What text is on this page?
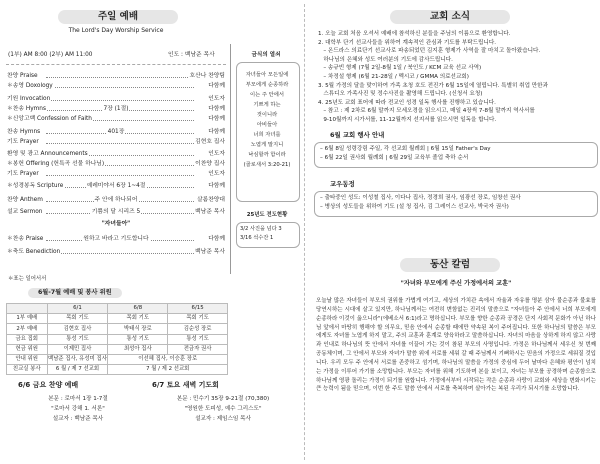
주일 예배
The Lord's Day Worship Service
(1부) AM 8:00 (2부) AM 11:00	인도 : 백남준 목사
찬양 Praise	호산나 찬양팀
＊송영 Doxology	다함께
기원 Invocation	인도자
＊찬송 Hymns	7장 (1절)	다함께
＊신앙고백 Confession of Faith	다함께
찬송 Hymns	401장	다함께
기도 Prayer	김현호 집사
환영 및 광고 Announcements	인도자
＊봉헌 Offering (헌특곡 선물 하나님)	이찬양 집사
기도 Prayer	인도자
＊성경봉독 Scripture	예레미야서 6장 1~4절	다함께
찬양 Anthem	주 안에 하나되어	살롬찬양대
설교 Sermon	기쁨의 달 시리즈 5	백남준 목사
"자녀들아"
＊찬송 Praise	원하고 바라고 기도합니다	다함께
＊축도 Benediction	백남준 목사
＊표는 일어서서
금식의 열쇠
자녀들아 모든일에
부모에게 순종하라
이는 주 안에서
기쁘게 하는
것이니라
아비들아
너희 자녀를
노엽게 말지니
낙심할까 함이라
(골로새서 3:20-21)
25년도 전도현황
3/2 사진을 넘다 3
3/16 석수잔 1
6월-7월 예배 및 봉사 위원
	6/1	6/8	6/15
1부 예배	목회 기도	목회 기도	목회 기도
2부 예배	김현호 집사	박태식 장로	김순성 장로
금요 집회	통성 기도	통성 기도	통성 기도
헌금 위원	이제민 집사	최성아 집사	전금자 권사
안내 위원	백남준 집사, 유성미 집사	이선혜 집사, 이승훈 장로	
친교실 봉사	6 월 / 제 7 선교회	7 월 / 제 2 선교회	
6/6 금요 찬양 예배
본문 : 로마서 1장 1-7절
"로마서 강해 1. 서론"
설교자 : 백남준 목사
6/7 토요 새벽 기도회
본문 : 민수기 35장 9-21절 (70,380)
"영원한 도피성, 예수 그리스도"
설교자 : 제임스임 목사
교회 소식
1. 오늘 교회 처음 오셔서 예배에 참석하신 분들을 주님의 이름으로 환영합니다.
2. 대학부 단기 선교사들을 위하여 계속적인 관심과 기도를 부탁드립니다.
– 온드라스 의료단기 선교사로 파송되었던 김지훈 형제가 사역을 잘 마치고 돌아왔습니다.
하나님의 은혜와 성도 여러분의 기도에 감사드립니다.
– 송규빈 형제 (7월 2일-8월 1일 / 북인도 / KCM 교육 선교 사역)
– 차정설 형제 (6월 21-28일 / 멕시코 / GMMA 의료선교회)
3. 5월 가정의 달을 맞이하여 가족 초청 호도 전진가 6월 15일에 열립니다. 특별히 취업 만한과
스튜디오 가족사진 및 정수사진을 촬영해 드립니다. (신청서 요청)
4. 25년도 교회 표어에 따라 전교인 성경 일독 행사를 진행하고 있습니다.
– 참고 : 제 2차로 6월 말까지 모세오경을 읽으시고, 매일 4장씩 7-8월 말까지 역사서를
9-10월까지 시가서를, 11-12월까지 선지서를 읽으시면 일독을 합니다.
6월 교회 행사 안내
– 6월 8일 성령강림 주일, 각 선교회 월례회 | 6월 15일 Father's Day
– 6월 22일 권사회 월례회 | 6월 29일 교육부 졸업 축하 순서
교우동정
– 출타중인 성도: 이성철 집사, 이다나 집사, 정경희 권사, 임광선 장로, 임창선 권사
– 병상의 성도들을 위하여 기도 (설 청 집사, 김 그레이스 선교사, 박국자 권사)
동산 칼럼
"자녀와 부모에게 주신 가정에서의 교훈"
오늘날 많은 자녀들이 부모의 권위를 가볍게 여기고, 세상의 가치관 속에서 자율과 자유를 명분 삼아 불순종과 불효를 당연시하는 시대에 살고 있지만, 하나님께서는 여전히 변함없는 진리의 말씀으로 "자녀들아 주 안에서 너희 부모에게 순종하라 이것이 옳으니라"(에베소서 6:1)라고 명하십니다. 부모를 향한 순종과 공경은 단지 사회적 문화가 아닌 하나님 앞에서 마땅히 행해야 할 의무요, 믿음 안에서 순종할 때에만 약속된 복이 주어집니다. 또한 하나님의 말씀은 부모에게도 자녀를 노엽게 하지 말고, 주의 교훈과 훈계로 양육하라고 말씀하십니다. 자녀의 마음을 상하게 하지 않고 사랑과 인내로 하나님의 뜻 안에서 자녀를 이끌어 가는 것이 참된 부모의 사명입니다. 가정은 하나님께서 세우신 첫 번째 공동체이며, 그 안에서 부모와 자녀가 말씀 위에 서로를 세워 갈 때 주님께서 기뻐하시는 믿음의 가정으로 세워질 것입니다. 우리 모두 주 안에서 서로를 존중하고 섬기며, 하나님의 말씀을 가정의 중심에 두어 날마다 은혜와 평안이 넘치는 가정을 이루어 가기를 소망합니다. 부모는 자녀를 위해 기도하며 본을 보이고, 자녀는 부모를 공경하며 순종함으로 하나님께 영광 돌리는 가정이 되기를 원합니다. 가정에서부터 시작되는 작은 순종과 사랑이 교회와 세상을 변화시키는 큰 능력이 됨을 믿으며, 이번 한 주도 말씀 안에서 서로를 축복하며 살아가는 복된 우리가 되시기를 소망합니다.
